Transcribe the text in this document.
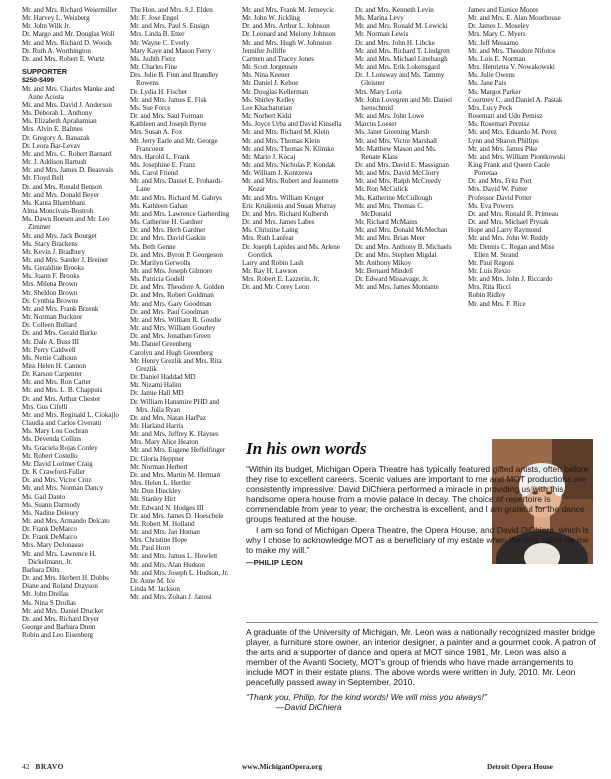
Mr. and Mrs. Richard Weiermiller
Mr. Harvey L. Weisberg
Mr. John Wilk Jr.
Dr. Margo and Mr. Douglas Woll
Mr. and Mrs. Richard D. Woods
Dr. Ruth A. Worthington
Dr. and Mrs. Robert E. Wurtz
SUPPORTER
$250-$499
Mr. and Mrs. Charles Manke and Anne Acosta
Mr. and Mrs. David J. Anderson
Ms. Deborah L. Anthony
Ms. Elizabeth Aprahamian
Mrs. Alvin E. Balmes
Dr. Gregory A. Banazak
Dr. Leora Bar-Levav
Mr. and Mrs. C. Robert Barnard
Mr. J. Addison Bartush
Mr. and Mrs. James D. Beauvais
Mr. Floyd Bell
Dr. and Mrs. Ronald Benson
Mr. and Mrs. Donald Beyer
Ms. Kanta Bhambhani
Alma Moncivais-Bostroh
Ms. Dawn Boesen and Mr. Leo Zimmer
Mr. and Mrs. Jack Bourget
Ms. Stacy Brackens
Mr. Kevin J. Bradbury
Mr. and Mrs. Sander J. Breiner
Ms. Geraldine Brooks
Ms. Joann F. Brooks
Mrs. Milena Brown
Mr. Sheldon Brown
Dr. Cynthia Browne
Mr. and Mrs. Frank Brzenk
Mr. Norman Bucknor
Dr. Colleen Bullard
Dr. and Mrs. Gerald Burke
Mr. Dale A. Buss III
Mr. Perry Caldwell
Ms. Nettie Calhoun
Miss Helen H. Cannon
Dr. Karson Carpenter
Mr. and Mrs. Ron Carter
Mr. and Mrs. L. B. Chappuis
Dr. and Mrs. Arthur Chester
Mrs. Gus Cifelli
Mr. and Mrs. Reginald L. Ciokajlo
Claudia and Carlos Civeratti
Ms. Mary Lou Cochran
Ms. Devenda Collins
Ms. Graciela Rojas Conley
Mr. Robert Costello
Mr. David Lorimer Craig
Dr. K Crawford-Fuller
Dr. and Mrs. Victor Cruz
Mr. and Mrs. Norman Dancy
Ms. Gail Danto
Ms. Suann Darmody
Ms. Nadine Deleury
Mr. and Mrs. Armando Delcato
Dr. Frank DeMarco
Dr. Frank DeMarco
Mrs. Mary DeJonasso
Mr. and Mrs. Lawrence H. Dickelmann, Jr.
Barbara Dilts
Dr. and Mrs. Herbert H. Dobbs
Diane and Roland Drayson
Mr. John Drellas
Ms. Nina S Drollas
Mr. and Mrs. Daniel Drucker
Dr. and Mrs. Richard Dryer
George and Barbara Dunn
Robin and Leo Eisenberg
The Hon. and Mrs. S.J. Elden
Mr. F. Jose Engel
Mr. and Mrs. Paul S. Ensign
Mrs. Linda B. Etter
Mr. Wayne C. Everly
Mary Kaye and Mason Ferry
Ms. Judith Fierz
Mr. Charles Fine
Drs. Julie B. Finn and Brandley Rowens
Dr. Lydia H. Fischer
Mr. and Mrs. James E. Fisk
Ms. Sue Force
Dr. and Mrs. Saul Forman
Kathleen and Joseph Byrne
Mrs. Susan A. Fox
Mr. Jerry Earle and Mr. George Francoeur
Mrs. Harold L. Frank
Ms. Josephine E. Franz
Ms. Carol Friend
Mr. and Mrs. Daniel E. Frohardt-Lane
Mr. and Mrs. Richard M. Gabrys
Ms. Kathleen Gahan
Mr. and Mrs. Lawrence Garberding
Ms. Catherine H. Gardner
Dr. and Mrs. Herb Gardner
Dr. and Mrs. David Gaskin
Ms. Beth Genne
Dr. and Mrs. Byron P. Georgeson
Dr. Marilyn Gerwolls
Mr. and Mrs. Joseph Gilmore
Ms. Patricia Godell
Dr. and Mrs. Theodore A. Golden
Dr. and Mrs. Robert Goldman
Mr. and Mrs. Gary Goodman
Dr. and Mrs. Paul Goodman
Mr. and Mrs. William R. Goudie
Mr. and Mrs. William Gourley
Dr. and Mrs. Jonathan Green
Mr. Daniel Greenberg
Carolyn and Hugh Greenberg
Mr. Henry Grezlik and Mrs. Rita Grezlik
Dr. Daniel Haddad MD
Mr. Nizami Halim
Dr. Jamie Hall MD
Dr. William Hansmire PHD and Mrs. Julia Ryan
Dr. and Mrs. Natan HarPaz
Mr. Harland Harris
Mr. and Mrs. Jeffrey K. Haynes
Mrs. Mary Alice Heaton
Mr. and Mrs. Eugene Heffelfinger
Dr. Gloria Heppner
Mr. Norman Herbert
Dr. and Mrs. Martin M. Herman
Mrs. Helen L. Hertler
Mr. Don Hinckley
Mr. Stanley Hirt
Mr. Edward N. Hodges III
Dr. and Mrs. James D. Hoeschele
Mr. Robert M. Holland
Mr. and Mrs. Jan Homan
Mrs. Christine Hope
Mr. Paul Horn
Mr. and Mrs. James L. Howlett
Mr. and Mrs. Alan Hudson
Mr. and Mrs. Joseph L. Hudson, Jr.
Dr. Anne M. Ice
Linda M. Jackson
Mr. and Mrs. Zoltan J. Janosi
Mr. and Mrs. Frank M. Jerneycic
Mr. John W. Jickling
Dr. and Mrs. Arthur L. Johnson
Dr. Leonard and Melony Johnson
Mr. and Mrs. Hugh W. Johnston
Jennifer Jolliffe
Carmen and Tracey Jones
Mr. Scott Jorgensen
Ms. Nina Keener
Mr. Daniel J. Kehoe
Mr. Douglas Kellerman
Ms. Shirley Kelley
Lee Khachaturian
Mr. Norbert Kidd
Ms. Joyce Urba and David Kinsella
Mr. and Mrs. Richard M. Klein
Mr. and Mrs. Thomas Klein
Mr. and Mrs. Thomas N. Klimko
Mr. Mario J. Kocaj
Mr. and Mrs. Nicholas P. Kondak
Mr. William J. Kontzewa
Mr. and Mrs. Robert and Jeannette Kozar
Mr. and Mrs. William Kroger
Eric Kruikonis and Susan Murray
Dr. and Mrs. Richard Kulbersh
Dr. and Mrs. James Labes
Ms. Christine Laing
Mrs. Ruth Lanfear
Dr. Joseph Lapides and Ms. Arlene Gorelick
Larry and Robin Lash
Mr. Ray H. Lawson
Mrs. Robert E. Lazzerin, Jr.
Dr. and Mr. Corey Leon
Dr. and Mrs. Kenneth Levin
Ms. Marina Levy
Mr. and Mrs. Ronald M. Lewicki
Mr. Norman Lewis
Dr. and Mrs. John H. Libcke
Mr. and Mrs. Richard T. Lindgren
Mr. and Mrs. Michael Linebaugh
Mr. and Mrs. Erik Lokensgard
Dr. J. Lonsway and Ms. Tammy Gleisner
Mrs. Mary Loria
Mr. John Lovegren and Mr. Daniel Isenschmid
Mr. and Mrs. John Lowe
Marcus Loeser
Ms. Janet Greening Marsh
Mr. and Mrs. Victor Marshall
Mr. Matthew Mason and Ms. Renate Klass
Dr. and Mrs. David E. Massignan
Mr. and Mrs. David McClorry
Mr. and Mrs. Ralph McCreedy
Mr. Ron McCulick
Ms. Katherine McCullough
Mr. and Mrs. Thomas C. McDonald
Mr. Richard McMains
Mr. and Mrs. Donald McMechan
Mr. and Mrs. Brian Meer
Dr. and Mrs. Anthony B. Michaels
Dr. and Mrs. Stephen Migdal
Mr. Anthony Mikoy
Mr. Bernard Mindell
Dr. Edward Missavage, Jr.
Mr. and Mrs. James Montante
James and Eunice Moore
Mr. and Mrs. E. Alan Moorhouse
Dr. James L. Moseley
Mrs. Mary C. Myers
Mr. Jeff Messamo
Mr. and Mrs. Theodore Nifotos
Ms. Lois E. Norman
Mrs. Henrietta V. Nowakowski
Ms. Julie Owens
Ms. Jane Pais
Ms. Margot Parker
Courtney C. and Daniel A. Pastak
Mrs. Lucy Peck
Rosemari and Udo Pemisz
Ms. Rosemari Pernisz
Mr. and Mrs. Eduardo M. Perez
Lynn and Sharon Phillips
Mr. and Mrs. James Pike
Mr. and Mrs. William Piontkowski
King Frank and Queen Caole Porretaa
Dr. and Mrs. Fritz Port
Mrs. David W. Potter
Professor David Potter
Ms. Eva Powers
Dr. and Mrs. Ronald R. Primeau
Dr. and Mrs. Michael Prysak
Hope and Larry Raymond
Mr. and Mrs. John W. Reddy
Mr. Dennis C. Regan and Miss Ellen M. Strand
Mr. Paul Regoni
Mr. Luis Rexio
Mr. and Mrs. John J. Riccardo
Mrs. Rita Ricci
Robin Ridley
Mr. and Mrs. F. Rice
In his own words

“Within its budget, Michigan Opera Theatre has typically featured gifted artists, often before they rise to excellent careers. Scenic values are important to me and MOT productions are consistently impressive. David DiChiera performed a miracle in providing us with this handsome opera house from a movie palace in decay. The choice of repertoire is commendable from year to year, the orchestra is excellent, and I am grateful for the dance groups featured at the house.

I am so fond of Michigan Opera Theatre, the Opera House, and David DiChiera, which is why I chose to acknowledge MOT as a beneficiary of my estate when the time came for me to make my will.”

—PHILIP LEON
A graduate of the University of Michigan, Mr. Leon was a nationally recognized master bridge player, a furniture store owner, an interior designer, a painter and a gourmet cook. A patron of the arts and a supporter of dance and opera at MOT since 1981, Mr. Leon was also a member of the Avanti Society, MOT's group of friends who have made arrangements to include MOT in their estate plans. The above words were written in July, 2010. Mr. Leon peacefully passed away in September, 2010.
“Thank you, Philip, for the kind words! We will miss you always!”
—David DiChiera
42 BRAVO	www.MichiganOpera.org	Detroit Opera House
